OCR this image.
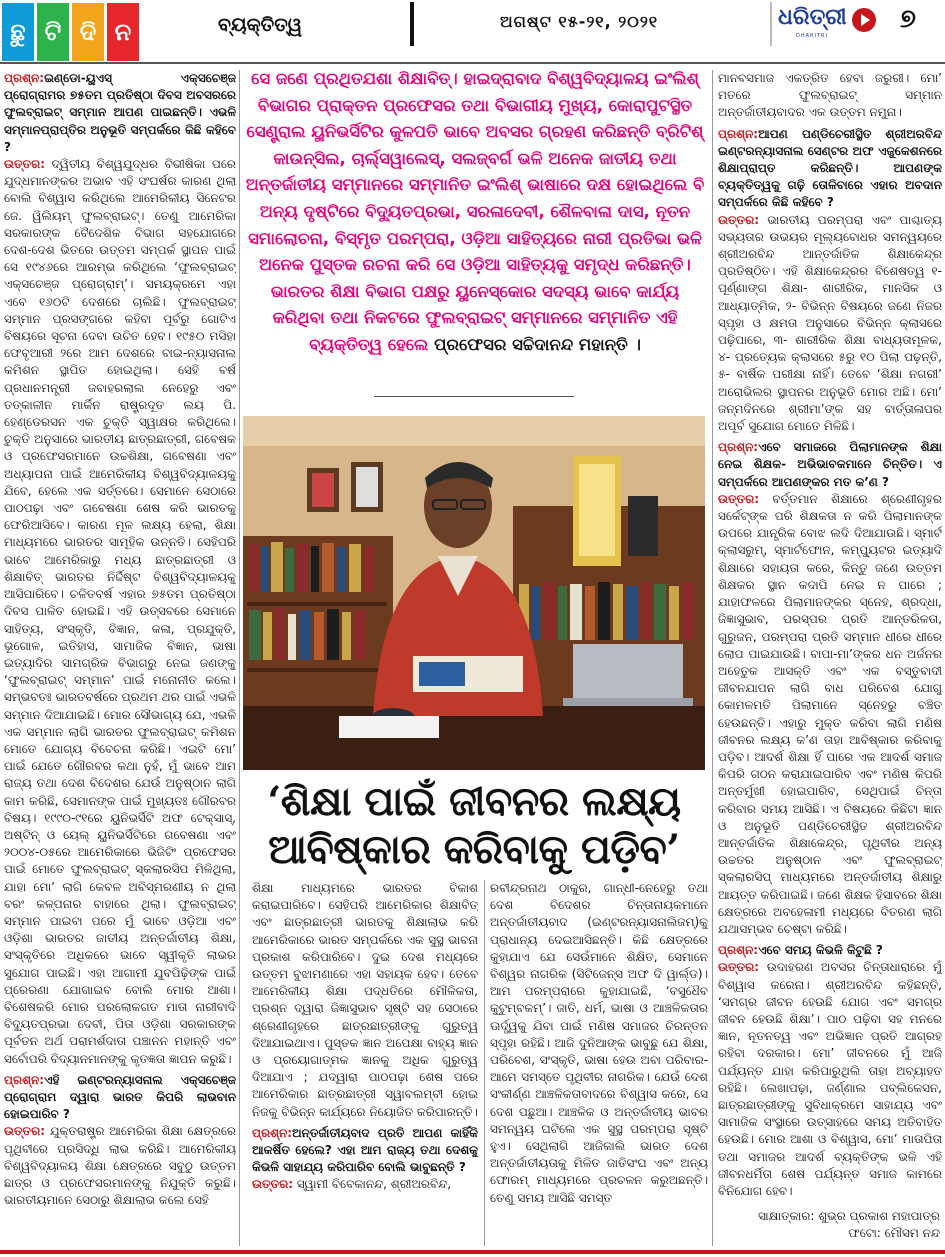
ଛୁ ଟି ଦି ନ	ବ୍ୟକ୍ତିତ୍ୱ	ଅଗଷ୍ଟ ୧୫-୨୧, ୨୦୨୧	ଧରିତ୍ରୀ
DHARITRI
୭

ପ୍ରଶ୍ନ:ଇଣ୍ଡୋ-ୟୁଏସ୍ ଏକ୍ସଚେଞ୍ଜ ପ୍ରୋଗ୍ରାମର ୭୫ତମ ପ୍ରତିଷ୍ଠା ଦିବସ ଅବସରରେ ଫୁଲବ୍ରାଇଟ୍ ସମ୍ମାନ ଆପଣ ପାଇଛନ୍ତି। ଏଭଳି ସମ୍ମାନପ୍ରାପ୍ତିର ଅନୁଭୂତି ସମ୍ପର୍କରେ କିଛି କହିବେ ?

ଉତ୍ତର: ଦ୍ୱିତୀୟ ବିଶ୍ୱଯୁଦ୍ଧର ବିଭୀଷିକା ପରେ ଯୁଦ୍ଧମାନଙ୍କର ଅଭାବ ଏହି ସଂଘର୍ଷର କାରଣ ଥିଲା ବୋଲି ବିଶ୍ୱାସ କରିଥିଲେ ଆମେରିକୀୟ ସିନେଟର ଜେ. ୱିଲିୟମ୍ ଫୁଲବ୍ରାଇଟ୍। ତେଣୁ ଆମେରିକା ସରକାରଙ୍କ ବୈଦେଶିକ ବିଭାଗ ସହଯୋଗରେ ଦେଶ-ଦେଶ ଭିତରେ ଉତ୍ତମ ସମ୍ପର୍କ ସ୍ଥାପନ ପାଇଁ ସେ ୧୯୪୬ରେ ଆରମ୍ଭ କରିଥିଲେ ‘ଫୁଲବ୍ରାଇଟ୍ ଏକ୍ସଚେଞ୍ଜ ପ୍ରୋଗ୍ରାମ୍’। ସମୟକ୍ରମେ ଏହା ଏବେ ୧୬୦ଟି ଦେଶରେ ଚାଲିଛି। ଫୁଲବ୍ରାଇଟ୍ ସମ୍ମାନ ପ୍ରସଙ୍ଗରେ କହିବା ପୂର୍ବରୁ ଗୋଟିଏ ବିଷୟରେ ସୂଚନା ଦେବା ଉଚିତ ହେବ। ୧୯୫୦ ମସିହା ଫେବୃଆରୀ ୨ରେ ଆମ ଦେଶରେ ବାଇ-ନ୍ୟାସନାଲ କମିଶନ ସ୍ଥାପିତ ହୋଇଥିଲା। ସେହି ବର୍ଷ ପ୍ରଧାନମନ୍ତ୍ରୀ ଜବାହରଲାଲ ନେହେରୁ ଏବଂ ତତ୍କାଳୀନ ମାର୍କିନ ରାଷ୍ଟ୍ରଦୂତ ଲୟ ପି. ହେଣ୍ଡେରସନ ଏକ ଚୁକ୍ତି ସ୍ୱାକ୍ଷର କରିଥିଲେ। ଚୁକ୍ତି ଅନୁସାରେ ଭାରତୀୟ ଛାତ୍ରଛାତ୍ରୀ, ଗବେଷକ ଓ ପ୍ରଫେସରମାନେ ଉଚ୍ଚଶିକ୍ଷା, ଗବେଷଣା ଏବଂ ଅଧ୍ୟାପନା ପାଇଁ ଆମେରିକୀୟ ବିଶ୍ୱବିଦ୍ୟାଳୟକୁ ଯିବେ, ହେଲେ ଏକ ସର୍ତ୍ତରେ। ସେମାନେ ସେଠାରେ ପାଠପଢ଼ା ଏବଂ ଗବେଷଣା ଶେଷ କରି ଭାରତକୁ ଫେରିଆସିବେ। କାରଣ ମୂଳ ଲକ୍ଷ୍ୟ ହେଲା, ଶିକ୍ଷା ମାଧ୍ୟମରେ ଭାରତର ସାମୂହିକ ଉନ୍ନତି। ସେହିପରି ଭାବେ ଆମେରିକାରୁ ମଧ୍ୟ ଛାତ୍ରଛାତ୍ରୀ ଓ ଶିକ୍ଷାବିତ୍ ଭାରତର ନିର୍ଦ୍ଦିଷ୍ଟ ବିଶ୍ୱବିଦ୍ୟାଳୟକୁ ଆସିପାରିବେ। ଚଳିତବର୍ଷ ଏହାର ୭୫ତମ ପ୍ରତିଷ୍ଠା ଦିବସ ପାଳିତ ହୋଇଛି। ଏହି ଉତ୍ସବରେ ସେମାନେ ସାହିତ୍ୟ, ସଂସ୍କୃତି, ବିଜ୍ଞାନ, କଳା, ପ୍ରଯୁକ୍ତି, ଭୂଗୋଳ, ଇତିହାସ, ସାମାଜିକ ବିଜ୍ଞାନ, ଭାଷା ଇତ୍ୟାଦିର ସାମଗ୍ରିକ ବିଭାଗରୁ ନେଇ ଜଣଙ୍କୁ ‘ଫୁଲବ୍ରାଇଟ୍ ସମ୍ମାନ’ ପାଇଁ ମନୋନୀତ କଲେ। ସମ୍ଭବତଃ ଭାରତବର୍ଷରେ ପ୍ରଥମ ଥର ପାଇଁ ଏଭଳି ସମ୍ମାନ ଦିଆଯାଇଛି। ମୋର ସୌଭାଗ୍ୟ ଯେ, ଏଭଳି ଏକ ସମ୍ମାନ ଲାଗି ଭାରତର ଫୁଲବ୍ରାଇଟ୍ କମିଶନ ମୋତେ ଯୋଗ୍ୟ ବିବେଚନା କରିଛି। ଏଇଟି ମୋ’ ପାଇଁ ଯେତେ ଗୌରବର କଥା ନୁହଁ, ମୁଁ ଭାବେ ଆମ ରାଜ୍ୟ ତଥା ଦେଶ ବିଦେଶର ଯେଉଁ ଅନୁଷ୍ଠାନ ଲାଗି କାମ କରିଛି, ସେମାନଙ୍କ ପାଇଁ ମୁଖ୍ୟତଃ ଗୌରବର ବିଷୟ। ୧୯୯୦-୯୧ରେ ୟୁନିଭର୍ସିଟି ଅଫ ଟେକ୍ସାସ୍, ଅଷ୍ଟିନ୍ ଓ ୟେଲ୍ ୟୁନିଭର୍ସିଟିରେ ଗବେଷଣା ଏବଂ ୨୦୦୪-୦୫ରେ ଆମେରିକାରେ ଭିଜିଟିଂ ପ୍ରଫେସର ପାଇଁ ମୋତେ ଫୁଲବ୍ରାଇଟ୍ ସ୍କଲାରସିପ ମିଳିଥିଲା, ଯାହା ମୋ’ ଲାଗି କେବଳ ଅବିସ୍ମରଣୀୟ ନ ଥିଲା ବରଂ କଳ୍ପନାର ବାହାରେ ଥିଲା। ଫୁଲବ୍ରାଇଟ୍ ସମ୍ମାନ ପାଇବା ପରେ ମୁଁ ଭାବେ ଓଡ଼ିଆ ଏବଂ ଓଡ଼ିଶା ଭାରତର ଜାତୀୟ ଅନ୍ତର୍ଜାତୀୟ ଶିକ୍ଷା, ସଂସ୍କୃତିରେ ଅଧିକରେ ଭାବେ ସ୍ୱୀକୃତି ଲାଭର ସୁଯୋଗ ପାଇଛି। ଏହା ଆଗାମୀ ଯୁବପିଢ଼ିଙ୍କ ପାଇଁ ପ୍ରେରଣା ଯୋଗାଇବ ବୋଲି ମୋର ଆଶା। ବିଶେଷକରି ମୋର ପରଲୋକଗତ ମାତା ନାରୀବାଦି ବିଦ୍ୟୁତପ୍ରଭା ଦେବୀ, ପିତା ଓଡ଼ିଶା ସରକାରଙ୍କ ପୂର୍ବତନ ଅର୍ଥ ପରାମର୍ଶଦାତା ପଞ୍ଚାନନ ମହାନ୍ତି ଏବଂ ସର୍ବୋପରି ବିଦ୍ୟାନମାନଙ୍କୁ କୃତଜ୍ଞତା ଜ୍ଞାପନ କରୁଛି।

ପ୍ରଶ୍ନ:ଏହି ଇଣ୍ଟରନ୍ୟାସନାଲ ଏକ୍ସଚେଞ୍ଜ ପ୍ରୋଗ୍ରାମ ଦ୍ୱାରା ଭାରତ କିପରି ଲାଭବାନ ହୋଇପାରିବ ?

ଉତ୍ତର: ଯୁକ୍ତରାଷ୍ଟ୍ର ଆମେରିକା ଶିକ୍ଷା କ୍ଷେତ୍ରରେ ପୃଥିବୀରେ ପ୍ରସିଦ୍ଧି ଲାଭ କରିଛି। ଆମେରିକୀୟ ବିଶ୍ୱବିଦ୍ୟାଳୟ ଶିକ୍ଷା କ୍ଷେତ୍ରରେ ସବୁଠୁ ଉତ୍ତମ ଛାତ୍ର ଓ ପ୍ରଫେସରମାନଙ୍କୁ ନିଯୁକ୍ତି କରୁଛି। ଭାରତୀୟମାନେ ସେଠାରୁ ଶିକ୍ଷାଲାଭ କଲେ ସେହି

ସେ ଜଣେ ପ୍ରଥିତଯଶା ଶିକ୍ଷାବିତ୍। ହାଇଦ୍ରାବାଦ ବିଶ୍ୱବିଦ୍ୟାଳୟ ଇଂଲିଶ୍ ବିଭାଗର ପ୍ରାକ୍ତନ ପ୍ରଫେସର ତଥା ବିଭାଗୀୟ ମୁଖ୍ୟ, କୋରାପୁଟସ୍ଥିତ ସେଣ୍ଟ୍ରାଲ ୟୁନିଭର୍ସିଟିର କୁଳପତି ଭାବେ ଅବସର ଗ୍ରହଣ କରିଛନ୍ତି ବ୍ରିଟିଶ୍ କାଉନ୍ସିଲ, ଚାର୍ଲ୍ସୱାଲେସ୍, ସଲଜ୍‌ବର୍ଗ ଭଳି ଅନେକ ଜାତୀୟ ତଥା ଅନ୍ତର୍ଜାତୀୟ ସମ୍ମାନରେ ସମ୍ମାନିତ ଇଂଲିଶ୍ ଭାଷାରେ ଦକ୍ଷ ହୋଇଥିଲେ ବି ଅନ୍ୟ ଦୃଷ୍ଟିରେ ବିଦ୍ୟୁତପ୍ରଭା, ସରଳାଦେବୀ, ଶୈଳବାଳା ଦାସ, ନୂତନ ସମାଲୋଚନା, ବିସ୍ମୃତ ପରମ୍ପରା, ଓଡ଼ିଆ ସାହିତ୍ୟରେ ନାରୀ ପ୍ରତିଭା ଭଳି ଅନେକ ପୁସ୍ତକ ରଚନା କରି ସେ ଓଡ଼ିଆ ସାହିତ୍ୟକୁ ସମୃଦ୍ଧ କରିଛନ୍ତି। ଭାରତର ଶିକ୍ଷା ବିଭାଗ ପକ୍ଷରୁ ୟୁନେସ୍କୋର ସଦସ୍ୟ ଭାବେ କାର୍ଯ୍ୟ କରିଥିବା ତଥା ନିକଟରେ ଫୁଲବ୍ରାଇଟ୍ ସମ୍ମାନରେ ସମ୍ମାନିତ ଏହି ବ୍ୟକ୍ତିତ୍ୱ ହେଲେ ପ୍ରଫେସର ସଚ୍ଚିଦାନନ୍ଦ ମହାନ୍ତି ।
‘ଶିକ୍ଷା ପାଇଁ ଜୀବନର ଲକ୍ଷ୍ୟ
ଆବିଷ୍କାର କରିବାକୁ ପଡ଼ିବ’

ଶିକ୍ଷା ମାଧ୍ୟମରେ ଭାରତର ବିକାଶ କରାଇପାରିବେ। ସେହିପରି ଆମେରିକାର ଶିକ୍ଷାବିତ୍ ଏବଂ ଛାତ୍ରଛାତ୍ରୀ ଭାରତକୁ ଶିକ୍ଷାଲାଭ କରି ଆମେରିକାରେ ଭାରତ ସମ୍ପର୍କରେ ଏକ ସୁସ୍ଥ ଭାବନା ପ୍ରକାଶ କରିପାରିବେ। ଦୁଇ ଦେଶ ମଧ୍ୟରେ ଉତ୍ତମ ବୁଝାମଣାରେ ଏହା ସହାୟକ ହେବ। ତେବେ ଆମେରିକୀୟ ଶିକ୍ଷା ପଦ୍ଧତିରେ ମୌଳିକତା, ପ୍ରଶ୍ନ ଦ୍ୱାରା ଜିଜ୍ଞାସୁଭାବ ସୃଷ୍ଟି ସହ ସେଠାରେ ଶ୍ରେଣୀଗୃହରେ ଛାତ୍ରଛାତ୍ରୀଙ୍କୁ ଗୁରୁତ୍ୱ ଦିଆଯାଇଥାଏ। ପୁସ୍ତକ ଜ୍ଞାନ ଅପେକ୍ଷା ବାହ୍ୟ ଜ୍ଞାନ ଓ ପ୍ରୟୋଗାତ୍ମକ ଜ୍ଞାନକୁ ଅଧିକ ଗୁରୁତ୍ୱ ଦିଆଯାଏ ; ଯଦ୍ୱାରା ପାଠପଢ଼ା ଶେଷ ପରେ ଆମେରିକାର ଛାତ୍ରଛାତ୍ରୀ ସ୍ୱାବଲମ୍ବୀ ହୋଇ ନିଜକୁ ବିଭିନ୍ନ କାର୍ଯ୍ୟରେ ନିୟୋଜିତ କରିପାରନ୍ତି।

ପ୍ରଶ୍ନ:ଅନ୍ତର୍ଜାତୀୟବାଦ ପ୍ରତି ଆପଣ କାହିଁକି ଆକର୍ଷିତ ହେଲେ? ଏହା ଆମ ରାଜ୍ୟ ତଥା ଦେଶକୁ କିଭଳି ସାହାଯ୍ୟ କରିପାରିବ ବୋଲି ଭାବୁଛନ୍ତି ?

ଉତ୍ତର: ସ୍ୱାମୀ ବିବେକାନନ୍ଦ, ଶ୍ରୀଅରବିନ୍ଦ,

ରବୀନ୍ଦ୍ରନାଥ ଠାକୁର, ଗାନ୍ଧୀ-ନେହେରୁ ତଥା ଦେଶ ବିଦେଶର ଚିନ୍ତାନାୟକମାନେ ଅନ୍ତର୍ଜାତୀୟବାଦ (ଇଣ୍ଟରନ୍ୟାସନାଲିଜମ୍)କୁ ପ୍ରାଧାନ୍ୟ ଦେଇଆସିଛନ୍ତି। କିଛି କ୍ଷେତ୍ରରେ କୁହାଯାଏ ଯେ ସେଉଁମାନେ ଶିକ୍ଷିତ, ସେମାନେ ବିଶ୍ୱର ନାଗରିକ (ସିଟିଜେନ୍ସ ଅଫ ଦି ୱାର୍ଲ୍ଡ)। ଆମ ପରମ୍ପରାରେ କୁହାଯାଇଛି, ‘ବସୁଧୈବ କୁଟୁମ୍ବକମ୍’। ଜାତି, ଧର୍ମ, ଭାଷା ଓ ଆଞ୍ଚଳିକତାର ଊର୍ଦ୍ଧ୍ୱକୁ ଯିବା ପାଇଁ ମଣିଷ ସମାଜର ଚିରନ୍ତନ ସ୍ପୃହା ରହିଛି। ଆଜି ଦୁନିଆଙ୍କ ଭାବୁଛୁ ଯେ ଶିକ୍ଷା, ପରିବେଶ, ସଂସ୍କୃତି, ଭାଷା ହେଉ ଅବା ପରିବାର- ଆମେ ସମସ୍ତେ ପୃଥିବୀର ନାଗରିକ। ଯେଉଁ ଦେଶ ସଂକୀର୍ଣ୍ଣ ଆଞ୍ଚଳିକତାବାଦରେ ବିଶ୍ୱାସ କରେ, ସେ ଦେଶ ପଛୁଆ। ଆଞ୍ଚଳିକ ଓ ଅନ୍ତର୍ଜାତୀୟ ଭାବର ସମନ୍ୱୟ ଘଟିଲେ ଏକ ସୁସ୍ଥ ପରମ୍ପରା ସୃଷ୍ଟି ହୁଏ। ସେଥିଲାଗି ଆଜିକାଲି ଭାରତ ଦେଶ ଅନ୍ତର୍ଜାତୀୟତାକୁ ମିଳିତ ଜାତିସଂଘ ଏବଂ ଅନ୍ୟ ଫୋରମ୍ ମାଧ୍ୟମରେ ପ୍ରଚଳନ କରୁଅଛନ୍ତି। ତେଣୁ ସମୟ ଆସିଛି ସମସ୍ତ

ମାନବସମାଜ ଏକତ୍ରିତ ହେବା ଜରୁରୀ। ମୋ’ ମତରେ ଫୁଲବ୍ରାଇଟ୍ ସମ୍ମାନ ଅନ୍ତର୍ଜାତୀୟବାଦର ଏକ ଉତ୍ତମ ନମୁନା।

ପ୍ରଶ୍ନ:ଆପଣ ପଣ୍ଡିଚେରୀସ୍ଥିତ ଶ୍ରୀଅରବିନ୍ଦ ଇଣ୍ଟରନ୍ୟାସନାଲ ସେଣ୍ଟର ଅଫ ଏଜୁକେଶନରେ ଶିକ୍ଷାପ୍ରାପ୍ତ କରିଛନ୍ତି। ଆପଣଙ୍କ ବ୍ୟକ୍ତିତ୍ୱକୁ ଗଢ଼ି ତୋଳିବାରେ ଏହାର ଅବଦାନ ସମ୍ପର୍କରେ କିଛି କହିବେ ?

ଉତ୍ତର: ଭାରତୀୟ ପରମ୍ପରା ଏବଂ ପାଶ୍ଚାତ୍ୟ ସଭ୍ୟତାର ଉଭୟର ମୂଲ୍ୟବୋଧର ସମନ୍ୱୟରେ ଶ୍ରୀଅରବିନ୍ଦ ଆନ୍ତର୍ଜାତିକ ଶିକ୍ଷାକେନ୍ଦ୍ର ପ୍ରତିଷ୍ଠିତ। ଏହି ଶିକ୍ଷାକେନ୍ଦ୍ରର ବିଶେଷତ୍ୱ ୧- ପୂର୍ଣ୍ଣାଙ୍ଗ ଶିକ୍ଷା- ଶାରୀରିକ, ମାନସିକ ଓ ଆଧ୍ୟାତ୍ମିକ, ୨- ବିଭିନ୍ନ ବିଷୟରେ ଜଣେ ନିଜର ସ୍ପୃହା ଓ କ୍ଷମତା ଅନୁସାରେ ବିଭିନ୍ନ କ୍ଲାସରେ ପଢ଼ିପାରେ, ୩- ଶାରୀରିକ ଶିକ୍ଷା ବାଧ୍ୟତାମୂଳକ, ୪- ପ୍ରତ୍ୟେକ କ୍ଲାସରେ ୫ରୁ ୧୦ ପିଲା ପଢ଼ନ୍ତି, ୫- ବାର୍ଷିକ ପରୀକ୍ଷା ନାହିଁ। ତେବେ ‘ଶିକ୍ଷା ନଗରୀ’ ଅରୋଭିଲର ସ୍ଥାପନର ଅନୁଭୂତି ମୋର ଅଛି। ମୋ’ ଜନ୍ମଦିନରେ ଶ୍ରୀମା’ଙ୍କ ସହ ବାର୍ତ୍ତାଳାପର ଅପୂର୍ବ ସୁଯୋଗ ମୋତେ ମିଳିଛି।

ପ୍ରଶ୍ନ:ଏବେ ସମାଜରେ ପିଲାମାନଙ୍କ ଶିକ୍ଷା ନେଇ ଶିକ୍ଷକ- ଅଭିଭାବକମାନେ ଚିନ୍ତିତ। ଏ ସମ୍ପର୍କରେ ଆପଣଙ୍କର ମତ କ’ଣ ?

ଉତ୍ତର: ବର୍ତ୍ତମାନ ଶିକ୍ଷାରେ ଶ୍ରେଣୀଗୃହର ସର୍କେଟ୍‌ଙ୍କ ପରି ଶିକ୍ଷକତା ନ କରି ପିଲାମାନଙ୍କ ଉପରେ ଯାନ୍ତ୍ରିକ ବୋଝ ଲଦି ଦିଆଯାଉଛି। ସ୍ମାର୍ଟ କ୍ଲାସରୁମ୍, ସ୍ମାର୍ଟଫୋନ, କମ୍ପ୍ୟୁଟର ଇତ୍ୟାଦି ଶିକ୍ଷାରେ ସହାୟତା କରେ, କିନ୍ତୁ ଜଣେ ଉତ୍ତମ ଶିକ୍ଷକର ସ୍ଥାନ କଦାପି ନେଇ ନ ପାରେ ; ଯାହାଫଳରେ ପିଲାମାନଙ୍କର ସ୍ନେହ, ଶ୍ରଦ୍ଧା, ଜିଜ୍ଞାସୁଭାବ, ପରସ୍ପର ପ୍ରତି ଆନ୍ତରିକତା, ଗୁରୁଜନ, ପରମ୍ପରା ପ୍ରତି ସମ୍ମାନ ଧୀରେ ଧୀରେ ଲୋପ ପାଇଯାଉଛି। ବାପା-ମା’ଙ୍କର ଧନ ଅର୍ଜନର ଅହେତୁକ ଆସକ୍ତି ଏବଂ ଏକ ବସ୍ତୁବାଦୀ ଜୀବନଯାପନ ଲାଗି ବାଧ ପରିବେଶ ଯୋଗୁ କୋମଳମତି ପିଲାମାନେ ସ୍ନେହରୁ ବଞ୍ଚିତ ହେଉଛନ୍ତି। ଏହାରୁ ମୁକ୍ତ କରିବା ଲାଗି ମଣିଷ ଜୀବନର ଲକ୍ଷ୍ୟ କ’ଣ ତାହା ଆବିଷ୍କାର କରିବାକୁ ପଡ଼ିବ। ଆଦର୍ଶ ଶିକ୍ଷା ହିଁ ପାରେ ଏକ ଆଦର୍ଶ ସମାଜ କିପରି ଗଠନ କରାଯାଇପାରିବ ଏବଂ ମଣିଷ କିପରି ଅନ୍ତର୍ମୁଖୀ ହୋଇପାରିବ, ସେଥିପାଇଁ ଚିନ୍ତା କରିବାର ସମୟ ଆସିଛି। ଏ ବିଷୟରେ କିଛିଟା ଜ୍ଞାନ ଓ ଅନୁଭୂତି ପଣ୍ଡିଚେରୀସ୍ଥିତ ଶ୍ରୀଅରବିନ୍ଦ ଆନ୍ତର୍ଜାତିକ ଶିକ୍ଷାକେନ୍ଦ୍ର, ପୃଥିବୀର ଅନ୍ୟ ଉଚ୍ଚତର ଅନୁଷ୍ଠାନ ଏବଂ ଫୁଲବ୍ରାଇଟ୍ ସ୍କଲାରସିପ୍ ମାଧ୍ୟମରେ ଅନ୍ତର୍ଜାତୀୟ ଶିକ୍ଷାରୁ ଆୟତ୍ତ କରିପାଇଛି। ଜଣେ ଶିକ୍ଷକ ହିସାବରେ ଶିକ୍ଷା କ୍ଷେତ୍ରରେ ଅବହେଳାମୀ ମଧ୍ୟରେ ବିତରଣ ଲାଗି ଯଥାସମ୍ଭବ ଚେଷ୍ଟା କରିଛି।

ପ୍ରଶ୍ନ:ଏବେ ସମୟ କିଭଳି କିଟୁଛି ?

ଉତ୍ତର: ଉଦାହରଣ ଅବସର ଚିନ୍ତାଧାରାରେ ମୁଁ ବିଶ୍ୱାସ କରେନା। ଶ୍ରୀଅରବିନ୍ଦ କହିଛନ୍ତି, ‘ସମଗ୍ର ଜୀବନ ହେଉଛି ଯୋଗ ଏବଂ ସମଗ୍ର ଜୀବନ ହେଉଛି ଶିକ୍ଷା’। ପାଠ ପଢ଼ିବା ସହ ମନରେ ଜ୍ଞାନ, ନୂତନତ୍ୱ ଏବଂ ଅଭିଜ୍ଞାନ ପ୍ରତି ଆଗ୍ରହ ରହିବା ଦରକାର। ମୋ’ ଜୀବନରେ ମୁଁ ଆଜି ପର୍ଯ୍ୟନ୍ତ ଯାହା କରିପାରୁଥିଲି ତାହା ଅବ୍ୟାହତ ରହିଛି। ଲେଖାପଢ଼ା, ଜର୍ଣ୍ଣାଲ ପବ୍ଲିକେସନ, ଛାତ୍ରଛାତ୍ରୀଙ୍କୁ ସୁବିଧାକ୍ରମେ ସାହାଯ୍ୟ ଏବଂ ସାମାଜିକ ସଂସ୍ଥାରେ ଉତ୍ସାହରେ ସମୟ ଅତିବାହିତ ହେଉଛି। ମୋର ଆଶା ଓ ବିଶ୍ୱାସ, ମୋ’ ମାତାପିତା ତଥା ସମାଜର ଆଦର୍ଶ ବ୍ୟକ୍ତିଙ୍କ ଭଳି ଏହି ଜୀବନଧର୍ମିତା ଶେଷ ପର୍ଯ୍ୟନ୍ତ ସମାଜ କାମରେ ବିନିଯୋଗ ହେବ।

ସାକ୍ଷାତ୍‌କାର: ଶୁଭ୍ର ପ୍ରକାଶ ମହାପାତ୍ର
ଫଟୋ: ମୌସମ ନନ୍ଦ
